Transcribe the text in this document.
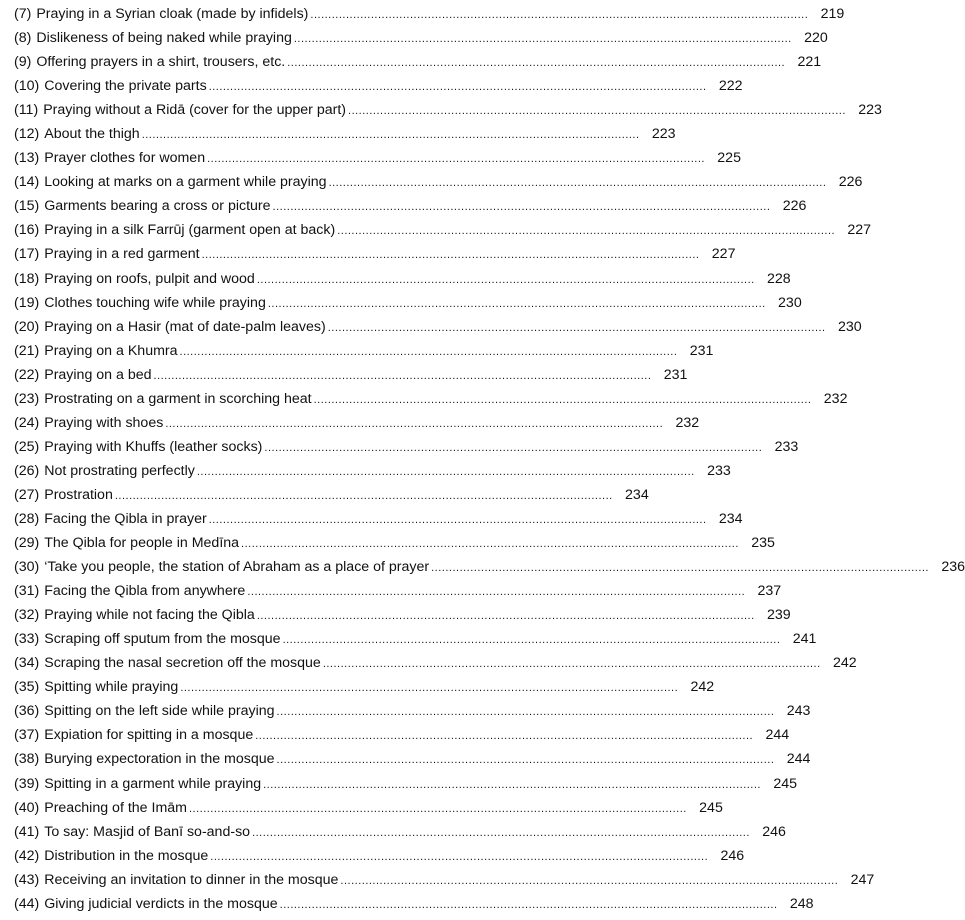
(7) Praying in a Syrian cloak (made by infidels) ............................................................................................................................................ 219
(8) Dislikeness of being naked while praying ............................................................................................................................................ 220
(9) Offering prayers in a shirt, trousers, etc. ............................................................................................................................................ 221
(10) Covering the private parts ............................................................................................................................................ 222
(11) Praying without a Ridā (cover for the upper part) ............................................................................................................................................ 223
(12) About the thigh ............................................................................................................................................ 223
(13) Prayer clothes for women ............................................................................................................................................ 225
(14) Looking at marks on a garment while praying ............................................................................................................................................ 226
(15) Garments bearing a cross or picture ............................................................................................................................................ 226
(16) Praying in a silk Farrūj (garment open at back) ............................................................................................................................................ 227
(17) Praying in a red garment ............................................................................................................................................ 227
(18) Praying on roofs, pulpit and wood ............................................................................................................................................ 228
(19) Clothes touching wife while praying ............................................................................................................................................ 230
(20) Praying on a Hasir (mat of date-palm leaves) ............................................................................................................................................ 230
(21) Praying on a Khumra ............................................................................................................................................ 231
(22) Praying on a bed ............................................................................................................................................ 231
(23) Prostrating on a garment in scorching heat ............................................................................................................................................ 232
(24) Praying with shoes ............................................................................................................................................ 232
(25) Praying with Khuffs (leather socks) ............................................................................................................................................ 233
(26) Not prostrating perfectly ............................................................................................................................................ 233
(27) Prostration ............................................................................................................................................ 234
(28) Facing the Qibla in prayer ............................................................................................................................................ 234
(29) The Qibla for people in Medīna ............................................................................................................................................ 235
(30) ‘Take you people, the station of Abraham as a place of prayer ............................................................................................................................................ 236
(31) Facing the Qibla from anywhere ............................................................................................................................................ 237
(32) Praying while not facing the Qibla ............................................................................................................................................ 239
(33) Scraping off sputum from the mosque ............................................................................................................................................ 241
(34) Scraping the nasal secretion off the mosque ............................................................................................................................................ 242
(35) Spitting while praying ............................................................................................................................................ 242
(36) Spitting on the left side while praying ............................................................................................................................................ 243
(37) Expiation for spitting in a mosque ............................................................................................................................................ 244
(38) Burying expectoration in the mosque ............................................................................................................................................ 244
(39) Spitting in a garment while praying ............................................................................................................................................ 245
(40) Preaching of the Imām ............................................................................................................................................ 245
(41) To say: Masjid of Banī so-and-so ............................................................................................................................................ 246
(42) Distribution in the mosque ............................................................................................................................................ 246
(43) Receiving an invitation to dinner in the mosque ............................................................................................................................................ 247
(44) Giving judicial verdicts in the mosque ............................................................................................................................................ 248
